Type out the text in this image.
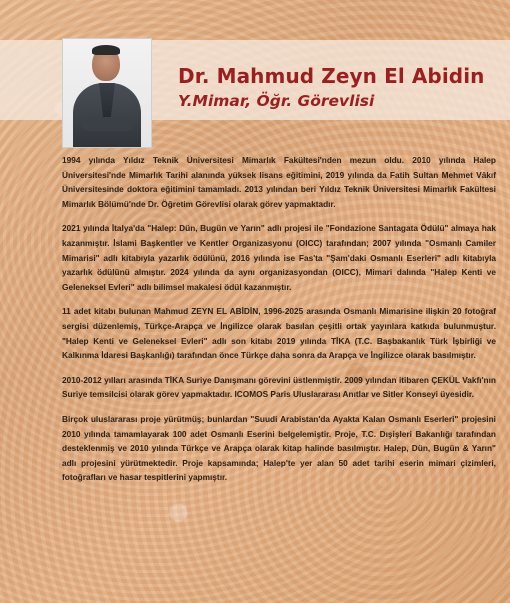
Dr. Mahmud Zeyn El Abidin
Y.Mimar, Öğr. Görevlisi

1994 yılında Yıldız Teknik Üniversitesi Mimarlık Fakültesi'nden mezun oldu. 2010 yılında Halep Üniversitesi'nde Mimarlık Tarihi alanında yüksek lisans eğitimini, 2019 yılında da Fatih Sultan Mehmet Vâkıf Üniversitesinde doktora eğitimini tamamladı. 2013 yılından beri Yıldız Teknik Üniversitesi Mimarlık Fakültesi Mimarlık Bölümü'nde Dr. Öğretim Görevlisi olarak görev yapmaktadır.

2021 yılında İtalya'da "Halep: Dün, Bugün ve Yarın" adlı projesi ile "Fondazione Santagata Ödülü" almaya hak kazanmıştır. İslami Başkentler ve Kentler Organizasyonu (OICC) tarafından; 2007 yılında "Osmanlı Camiler Mimarisi" adlı kitabıyla yazarlık ödülünü, 2016 yılında ise Fas'ta "Şam'daki Osmanlı Eserleri" adlı kitabıyla yazarlık ödülünü almıştır. 2024 yılında da aynı organizasyondan (OICC), Mimari dalında "Halep Kenti ve Geleneksel Evleri" adlı bilimsel makalesi ödül kazanmıştır.

11 adet kitabı bulunan Mahmud ZEYN EL ABİDİN, 1996-2025 arasında Osmanlı Mimarisine ilişkin 20 fotoğraf sergisi düzenlemiş, Türkçe-Arapça ve İngilizce olarak basılan çeşitli ortak yayınlara katkıda bulunmuştur. "Halep Kenti ve Geleneksel Evleri" adlı son kitabı 2019 yılında TİKA (T.C. Başbakanlık Türk İşbirliği ve Kalkınma İdaresi Başkanlığı) tarafından önce Türkçe daha sonra da Arapça ve İngilizce olarak basılmıştır.

2010-2012 yılları arasında TİKA Suriye Danışmanı görevini üstlenmiştir. 2009 yılından itibaren ÇEKÜL Vakfı'nın Suriye temsilcisi olarak görev yapmaktadır. ICOMOS Paris Uluslararası Anıtlar ve Sitler Konseyi üyesidir.

Birçok uluslararası proje yürütmüş; bunlardan "Suudi Arabistan'da Ayakta Kalan Osmanlı Eserleri" projesini 2010 yılında tamamlayarak 100 adet Osmanlı Eserini belgelemiştir. Proje, T.C. Dışişleri Bakanlığı tarafından desteklenmiş ve 2010 yılında Türkçe ve Arapça olarak kitap halinde basılmıştır. Halep, Dün, Bugün & Yarın" adlı projesini yürütmektedir. Proje kapsamında; Halep'te yer alan 50 adet tarihi eserin mimari çizimleri, fotoğrafları ve hasar tespitlerini yapmıştır.
